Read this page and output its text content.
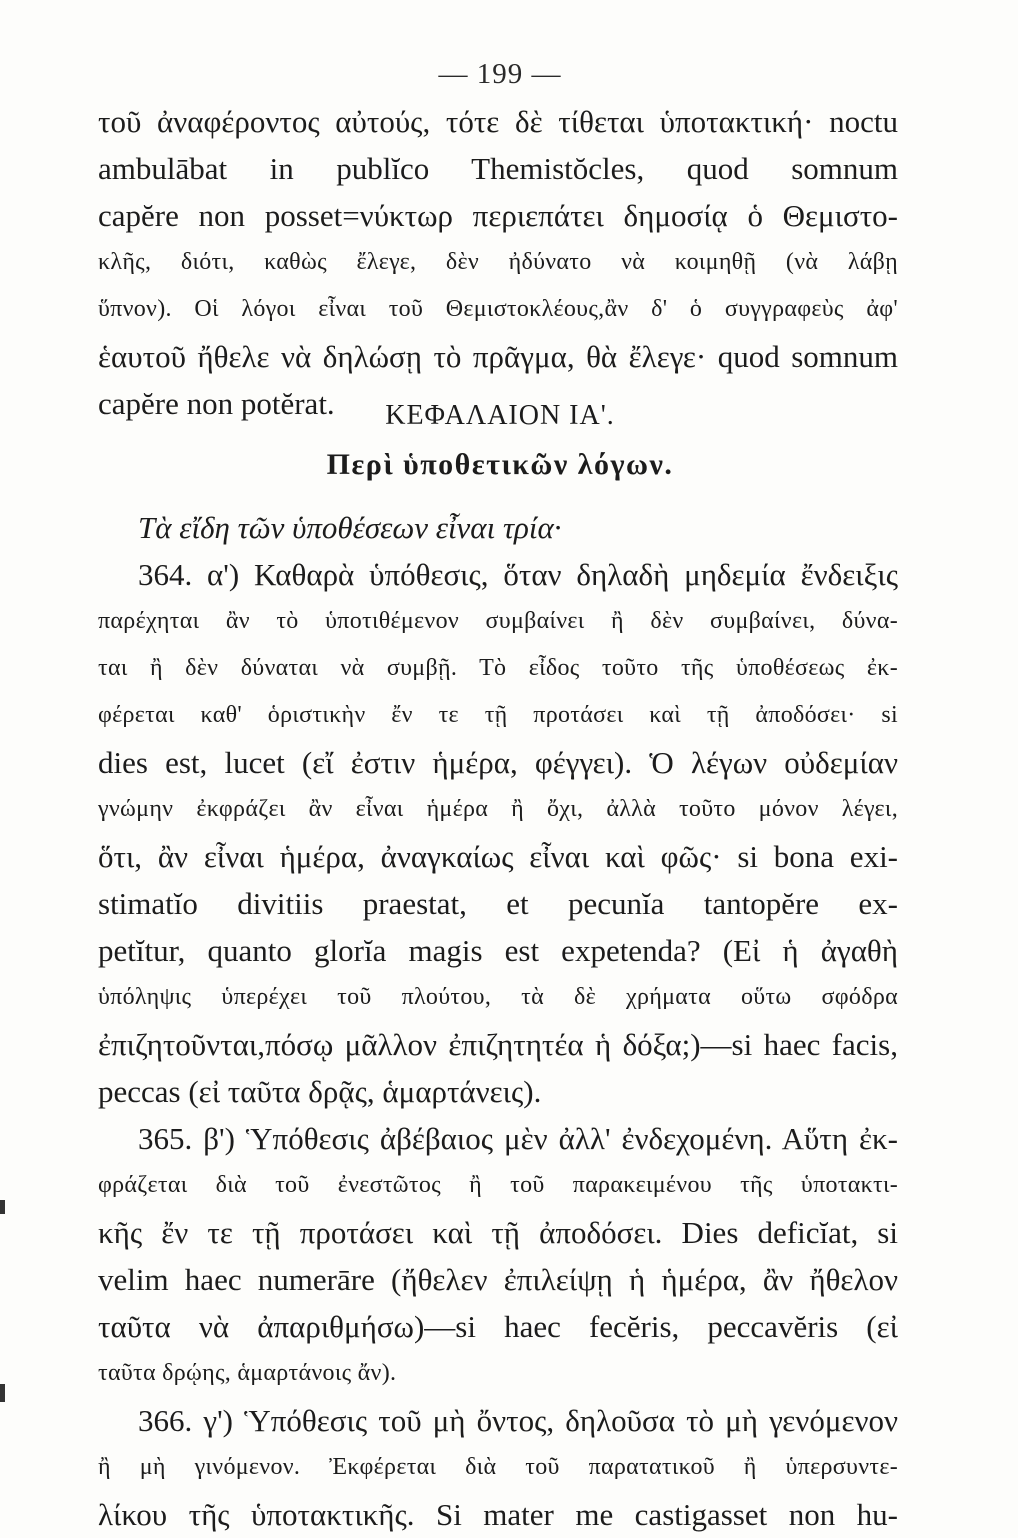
— 199 —
τοῦ ἀναφέροντος αὐτούς, τότε δὲ τίθεται ὑποτακτική· noctu
ambulābat in publĭco Themistŏcles, quod somnum
capĕre non posset=νύκτωρ περιεπάτει δημοσίᾳ ὁ Θεμιστο-
κλῆς, διότι, καθὼς ἔλεγε, δὲν ἠδύνατο νὰ κοιμηθῇ (νὰ λάβῃ
ὕπνον). Οἱ λόγοι εἶναι τοῦ Θεμιστοκλέους,ἂν δ' ὁ συγγραφεὺς ἀφ'
ἑαυτοῦ ἤθελε νὰ δηλώσῃ τὸ πρᾶγμα, θὰ ἔλεγε· quod somnum
capĕre non potĕrat.	ΚΕΦΑΛΑΙΟΝ ΙΑ'.
Περὶ ὑποθετικῶν λόγων.
Τὰ εἴδη τῶν ὑποθέσεων εἶναι τρία·
364. α') Καθαρὰ ὑπόθεσις, ὅταν δηλαδὴ μηδεμία ἔνδειξις
παρέχηται ἂν τὸ ὑποτιθέμενον συμβαίνει ἢ δὲν συμβαίνει, δύνα-
ται ἢ δὲν δύναται νὰ συμβῇ. Τὸ εἶδος τοῦτο τῆς ὑποθέσεως ἐκ-
φέρεται καθ' ὁριστικὴν ἔν τε τῇ προτάσει καὶ τῇ ἀποδόσει· si
dies est, lucet (εἴ ἐστιν ἡμέρα, φέγγει). Ὁ λέγων οὐδεμίαν
γνώμην ἐκφράζει ἂν εἶναι ἡμέρα ἢ ὄχι, ἀλλὰ τοῦτο μόνον λέγει,
ὅτι, ἂν εἶναι ἡμέρα, ἀναγκαίως εἶναι καὶ φῶς· si bona exi-
stimatĭo divitiis praestat, et pecunĭa tantopĕre ex-
petĭtur, quanto glorĭa magis est expetenda? (Εἰ ἡ ἀγαθὴ
ὑπόληψις ὑπερέχει τοῦ πλούτου, τὰ δὲ χρήματα οὕτω σφόδρα
ἐπιζητοῦνται,πόσῳ μᾶλλον ἐπιζητητέα ἡ δόξα;)—si haec facis,
peccas (εἰ ταῦτα δρᾷς, ἁμαρτάνεις).
365. β') Ὑπόθεσις ἀβέβαιος μὲν ἀλλ' ἐνδεχομένη. Αὕτη ἐκ-
φράζεται διὰ τοῦ ἐνεστῶτος ἢ τοῦ παρακειμένου τῆς ὑποτακτι-
κῆς ἔν τε τῇ προτάσει καὶ τῇ ἀποδόσει. Dies deficĭat, si
velim haec numerāre (ἤθελεν ἐπιλείψῃ ἡ ἡμέρα, ἂν ἤθελον
ταῦτα νὰ ἀπαριθμήσω)—si haec fecĕris, peccavĕris (εἰ
ταῦτα δρῴης, ἁμαρτάνοις ἄν).
366. γ') Ὑπόθεσις τοῦ μὴ ὄντος, δηλοῦσα τὸ μὴ γενόμενον
ἢ μὴ γινόμενον. Ἐκφέρεται διὰ τοῦ παρατατικοῦ ἢ ὑπερσυντε-
λίκου τῆς ὑποτακτικῆς. Si mater me castigasset non hu-
